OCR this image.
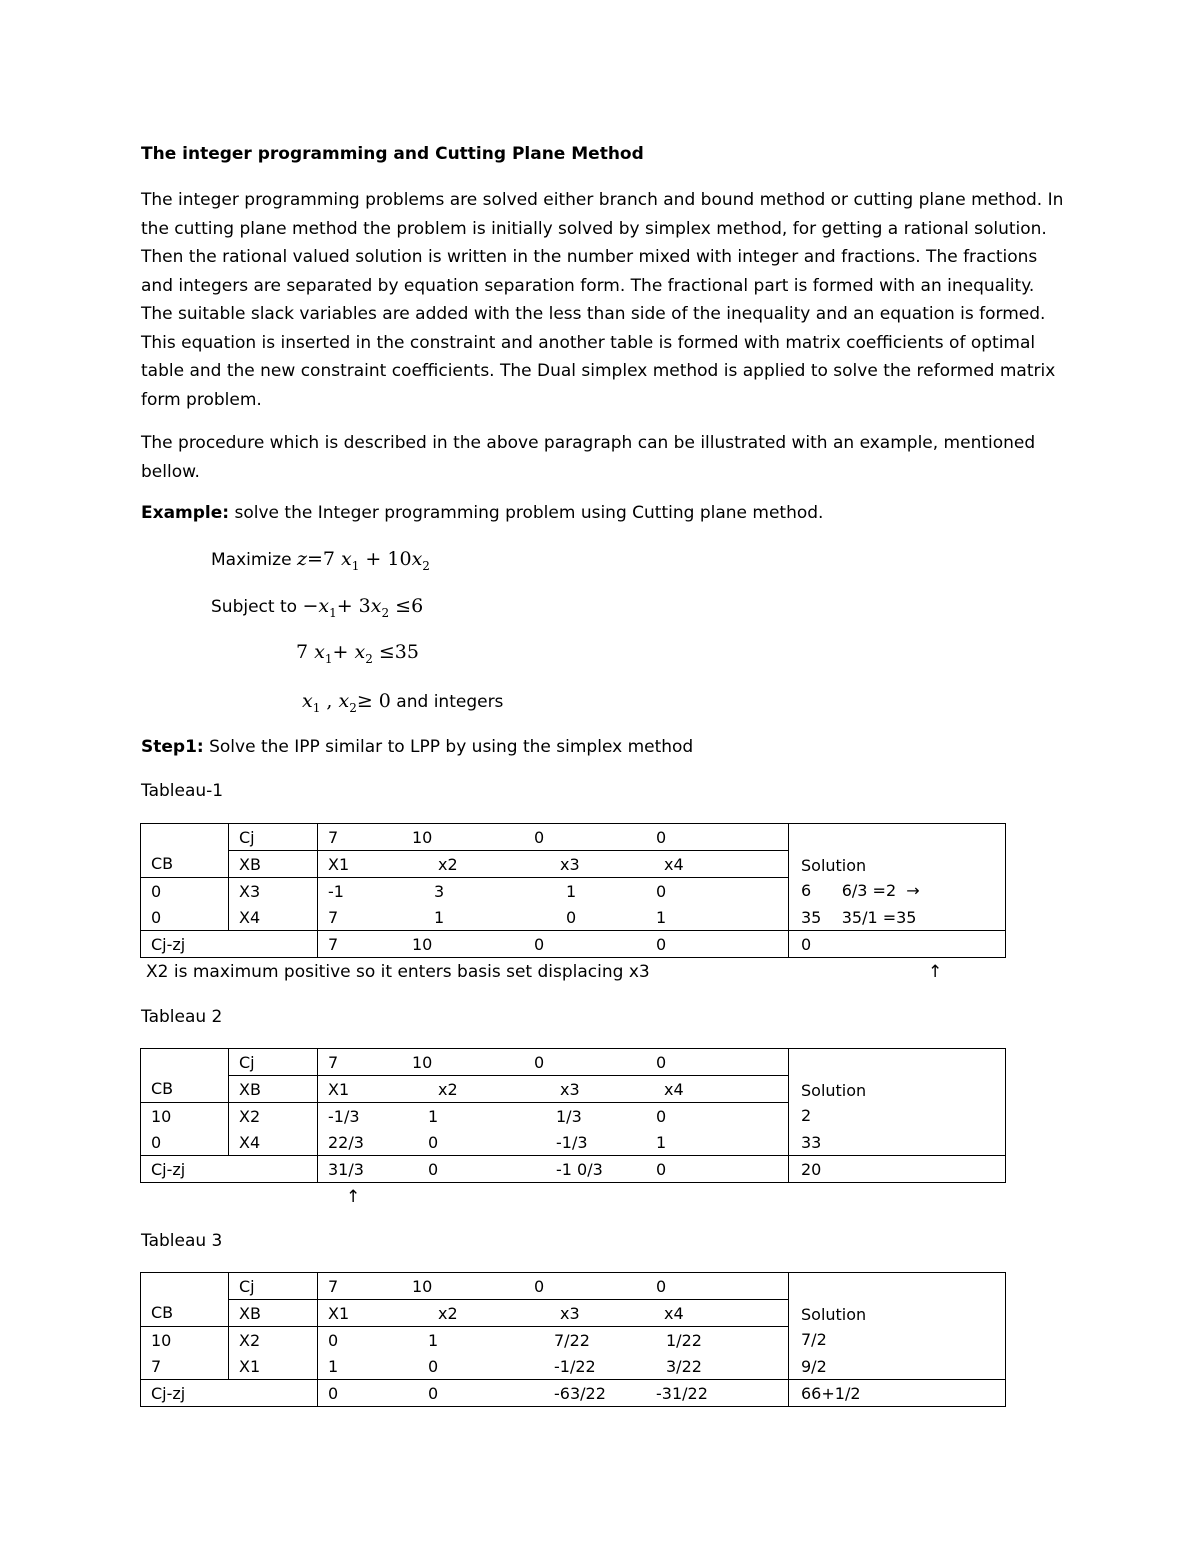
The integer programming and Cutting Plane Method
The integer programming problems are solved either branch and bound method or cutting plane method. In the cutting plane method the problem is initially solved by simplex method, for getting a rational solution. Then the rational valued solution is written in the number mixed with integer and fractions. The fractions and integers are separated by equation separation form. The fractional part is formed with an inequality. The suitable slack variables are added with the less than side of the inequality and an equation is formed. This equation is inserted in the constraint and another table is formed with matrix coefficients of optimal table and the new constraint coefficients. The Dual simplex method is applied to solve the reformed matrix form problem.
The procedure which is described in the above paragraph can be illustrated with an example, mentioned bellow.
Example: solve the Integer programming problem using Cutting plane method.
Maximize z=7 $x_1 + 10x_2$
Subject to $-x_1+ 3x_2 \le 6$
7 $x_1+ x_2 \le 35$
$x_1$ , $x_2\ge 0$ and integers
Step1: Solve the IPP similar to LPP by using the simplex method
Tableau-1
	Cj	7 10 0 0	Solution
CB	XB	X1 x2 x3 x4	

0	X3	-1 3 1 0	6      6/3 =2  →
0	X4	7 1 0 1	35    35/1 =35
Cj-zj		7 10 0 0	0
X2 is maximum positive so it enters basis set displacing x3	↑
Tableau 2
	Cj	7 10 0 0	Solution
CB	XB	X1 x2 x3 x4	

10	X2	-1/3 1 1/3 0	2
0	X4	22/3 0 -1/3 1	33
Cj-zj		31/3 0 -1 0/3 0	20
↑
Tableau 3
	Cj	7 10 0 0	Solution
CB	XB	X1 x2 x3 x4	

10	X2	0 1 7/22 1/22	7/2
7	X1	1 0 -1/22 3/22	9/2
Cj-zj		0 0 -63/22 -31/22	66+1/2
